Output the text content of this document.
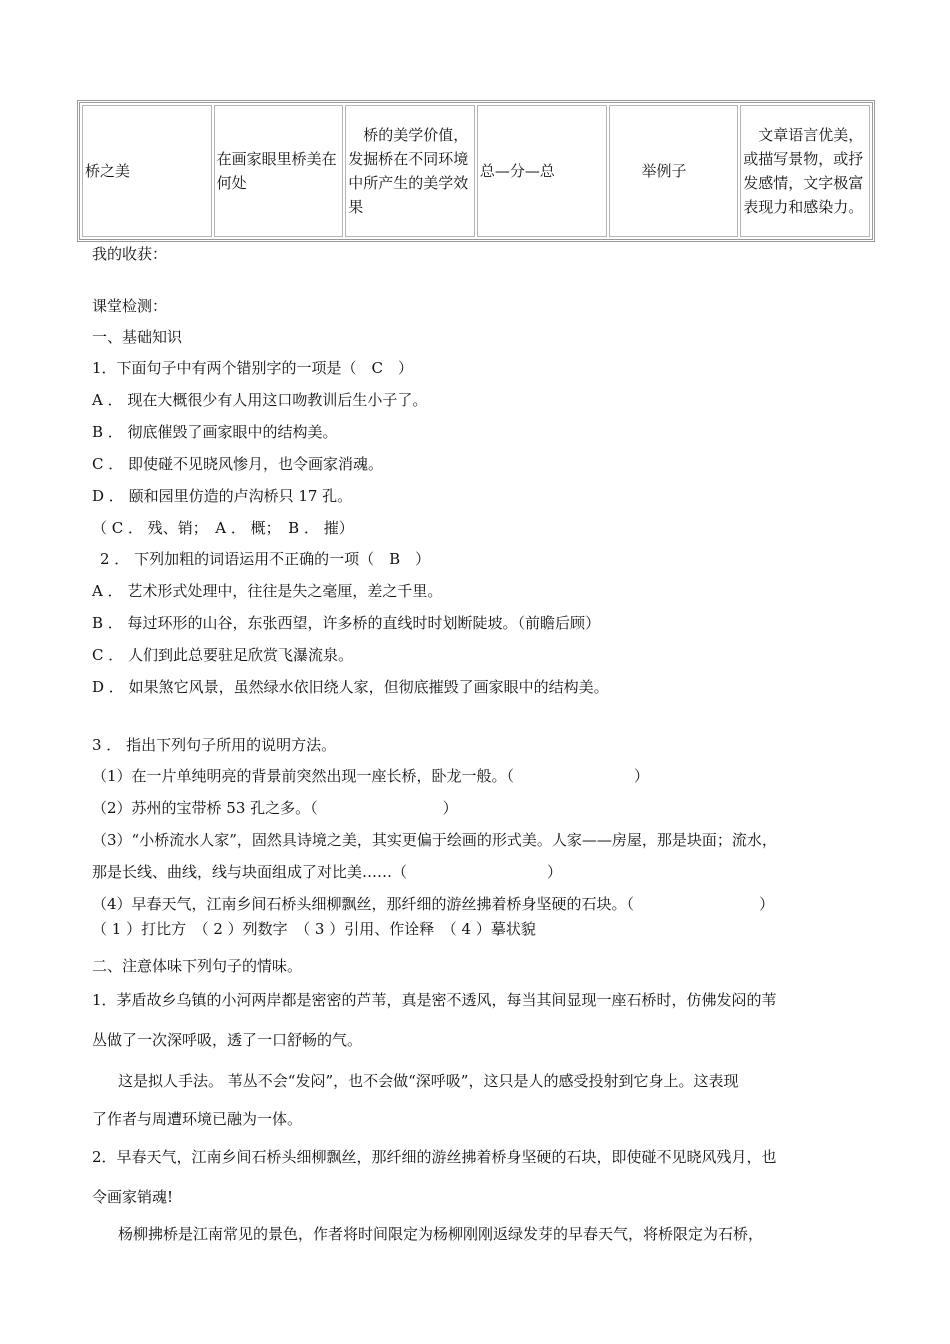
桥之美	在画家眼里桥美在何处	桥的美学价值，发掘桥在不同环境中所产生的美学效果	总—分—总	举例子	文章语言优美，或描写景物，或抒发感情，文字极富表现力和感染力。
我的收获：
课堂检测：
一、基础知识
1．下面句子中有两个错别字的一项是（　C　）
A ． 现在大概很少有人用这口吻教训后生小子了。
B ． 彻底催毁了画家眼中的结构美。
C ． 即使碰不见晓风惨月，也令画家消魂。
D ． 颐和园里仿造的卢沟桥只 17 孔。
（ C ． 残、销；　A ． 概；　B ． 摧）
2 ． 下列加粗的词语运用不正确的一项（　B　）
A ． 艺术形式处理中，往往是失之毫厘，差之千里。
B ． 每过环形的山谷，东张西望，许多桥的直线时时划断陡坡。（前瞻后顾）
C ． 人们到此总要驻足欣赏飞瀑流泉。
D ． 如果煞它风景，虽然绿水依旧绕人家，但彻底摧毁了画家眼中的结构美。
3 ． 指出下列句子所用的说明方法。
（1）在一片单纯明亮的背景前突然出现一座长桥，卧龙一般。（	）
（2）苏州的宝带桥 53 孔之多。（	）
（3）“小桥流水人家”，固然具诗境之美，其实更偏于绘画的形式美。人家——房屋，那是块面；流水，
那是长线、曲线，线与块面组成了对比美……（	）
（4）早春天气，江南乡间石桥头细柳飘丝，那纤细的游丝拂着桥身坚硬的石块。（	）
（ 1 ）打比方　（ 2 ）列数字　（ 3 ）引用、作诠释　（ 4 ）摹状貌
二、注意体味下列句子的情味。
1．茅盾故乡乌镇的小河两岸都是密密的芦苇，真是密不透风，每当其间显现一座石桥时，仿佛发闷的苇
丛做了一次深呼吸，透了一口舒畅的气。
这是拟人手法。 苇丛不会“发闷”，也不会做“深呼吸”，这只是人的感受投射到它身上。这表现
了作者与周遭环境已融为一体。
2．早春天气，江南乡间石桥头细柳飘丝，那纤细的游丝拂着桥身坚硬的石块，即使碰不见晓风残月，也
令画家销魂!
杨柳拂桥是江南常见的景色，作者将时间限定为杨柳刚刚返绿发芽的早春天气，将桥限定为石桥，
